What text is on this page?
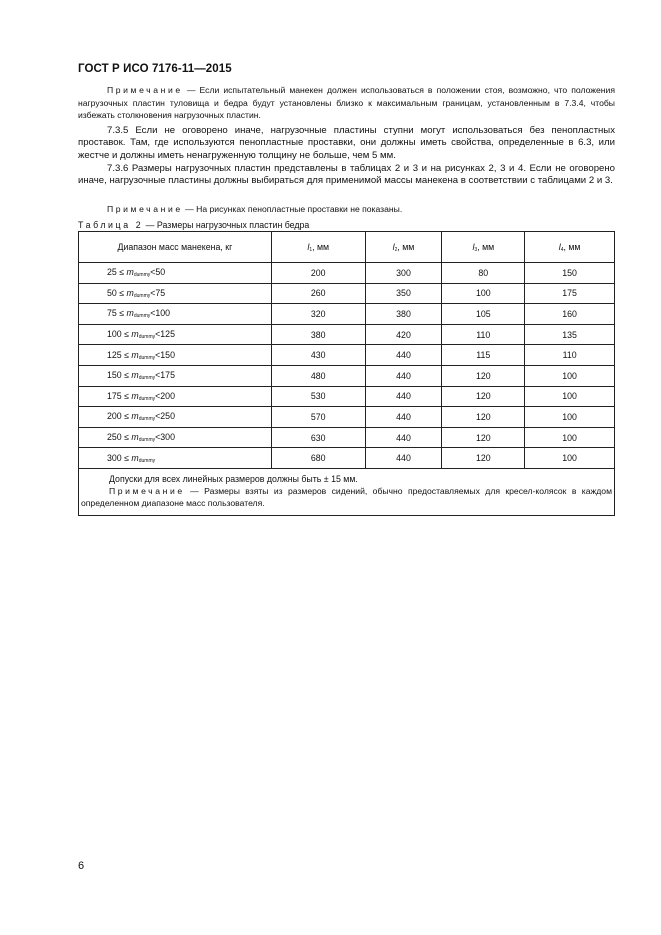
ГОСТ Р ИСО 7176-11—2015
Примечание — Если испытательный манекен должен использоваться в положении стоя, возможно, что положения нагрузочных пластин туловища и бедра будут установлены близко к максимальным границам, установленным в 7.3.4, чтобы избежать столкновения нагрузочных пластин.
7.3.5 Если не оговорено иначе, нагрузочные пластины ступни могут использоваться без пенопластных проставок. Там, где используются пенопластные проставки, они должны иметь свойства, определенные в 6.3, или жестче и должны иметь ненагруженную толщину не больше, чем 5 мм.
7.3.6 Размеры нагрузочных пластин представлены в таблицах 2 и 3 и на рисунках 2, 3 и 4. Если не оговорено иначе, нагрузочные пластины должны выбираться для применимой массы манекена в соответствии с таблицами 2 и 3.
Примечание — На рисунках пенопластные проставки не показаны.
Таблица 2 — Размеры нагрузочных пластин бедра
Диапазон масс манекена, кг	$l_1$, мм	$l_2$, мм	$l_3$, мм	$l_4$, мм
$25 \le m_{dummy}<50$	200	300	80	150
$50 \le m_{dummy}<75$	260	350	100	175
$75 \le m_{dummy}<100$	320	380	105	160
$100 \le m_{dummy}<125$	380	420	110	135
$125 \le m_{dummy}<150$	430	440	115	110
$150 \le m_{dummy}<175$	480	440	120	100
$175 \le m_{dummy}<200$	530	440	120	100
$200 \le m_{dummy}<250$	570	440	120	100
$250 \le m_{dummy}<300$	630	440	120	100
$300 \le m_{dummy}$	680	440	120	100

Допуски для всех линейных размеров должны быть ± 15 мм.
Примечание — Размеры взяты из размеров сидений, обычно предоставляемых для кресел-колясок в каждом определенном диапазоне масс пользователя.				
6
